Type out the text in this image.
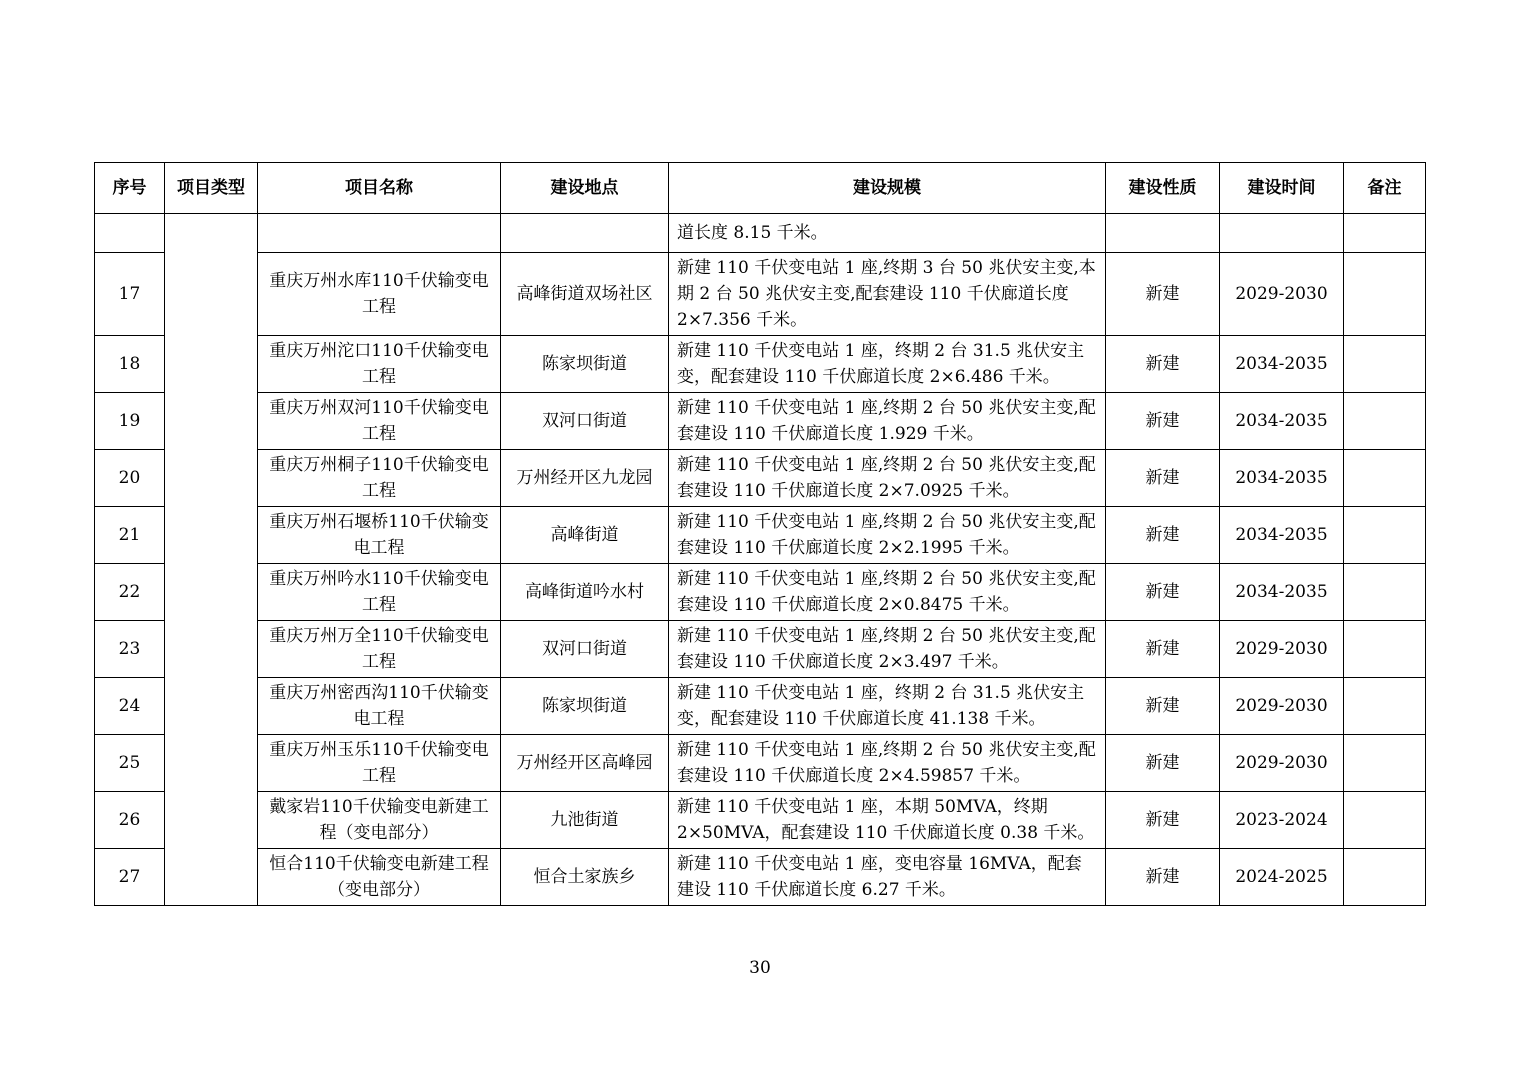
序号	项目类型	项目名称	建设地点	建设规模	建设性质	建设时间	备注
				道长度 8.15 千米。			
17		重庆万州水库110千伏输变电工程	高峰街道双场社区	新建 110 千伏变电站 1 座,终期 3 台 50 兆伏安主变,本期 2 台 50 兆伏安主变,配套建设 110 千伏廊道长度 2×7.356 千米。	新建	2029-2030	
18		重庆万州沱口110千伏输变电工程	陈家坝街道	新建 110 千伏变电站 1 座，终期 2 台 31.5 兆伏安主变，配套建设 110 千伏廊道长度 2×6.486 千米。	新建	2034-2035	
19		重庆万州双河110千伏输变电工程	双河口街道	新建 110 千伏变电站 1 座,终期 2 台 50 兆伏安主变,配套建设 110 千伏廊道长度 1.929 千米。	新建	2034-2035	
20		重庆万州桐子110千伏输变电工程	万州经开区九龙园	新建 110 千伏变电站 1 座,终期 2 台 50 兆伏安主变,配套建设 110 千伏廊道长度 2×7.0925 千米。	新建	2034-2035	
21		重庆万州石堰桥110千伏输变电工程	高峰街道	新建 110 千伏变电站 1 座,终期 2 台 50 兆伏安主变,配套建设 110 千伏廊道长度 2×2.1995 千米。	新建	2034-2035	
22		重庆万州吟水110千伏输变电工程	高峰街道吟水村	新建 110 千伏变电站 1 座,终期 2 台 50 兆伏安主变,配套建设 110 千伏廊道长度 2×0.8475 千米。	新建	2034-2035	
23		重庆万州万全110千伏输变电工程	双河口街道	新建 110 千伏变电站 1 座,终期 2 台 50 兆伏安主变,配套建设 110 千伏廊道长度 2×3.497 千米。	新建	2029-2030	
24		重庆万州密西沟110千伏输变电工程	陈家坝街道	新建 110 千伏变电站 1 座，终期 2 台 31.5 兆伏安主变，配套建设 110 千伏廊道长度 41.138 千米。	新建	2029-2030	
25		重庆万州玉乐110千伏输变电工程	万州经开区高峰园	新建 110 千伏变电站 1 座,终期 2 台 50 兆伏安主变,配套建设 110 千伏廊道长度 2×4.59857 千米。	新建	2029-2030	
26		戴家岩110千伏输变电新建工程（变电部分）	九池街道	新建 110 千伏变电站 1 座，本期 50MVA，终期 2×50MVA，配套建设 110 千伏廊道长度 0.38 千米。	新建	2023-2024	
27		恒合110千伏输变电新建工程（变电部分）	恒合土家族乡	新建 110 千伏变电站 1 座，变电容量 16MVA，配套建设 110 千伏廊道长度 6.27 千米。	新建	2024-2025	
30
